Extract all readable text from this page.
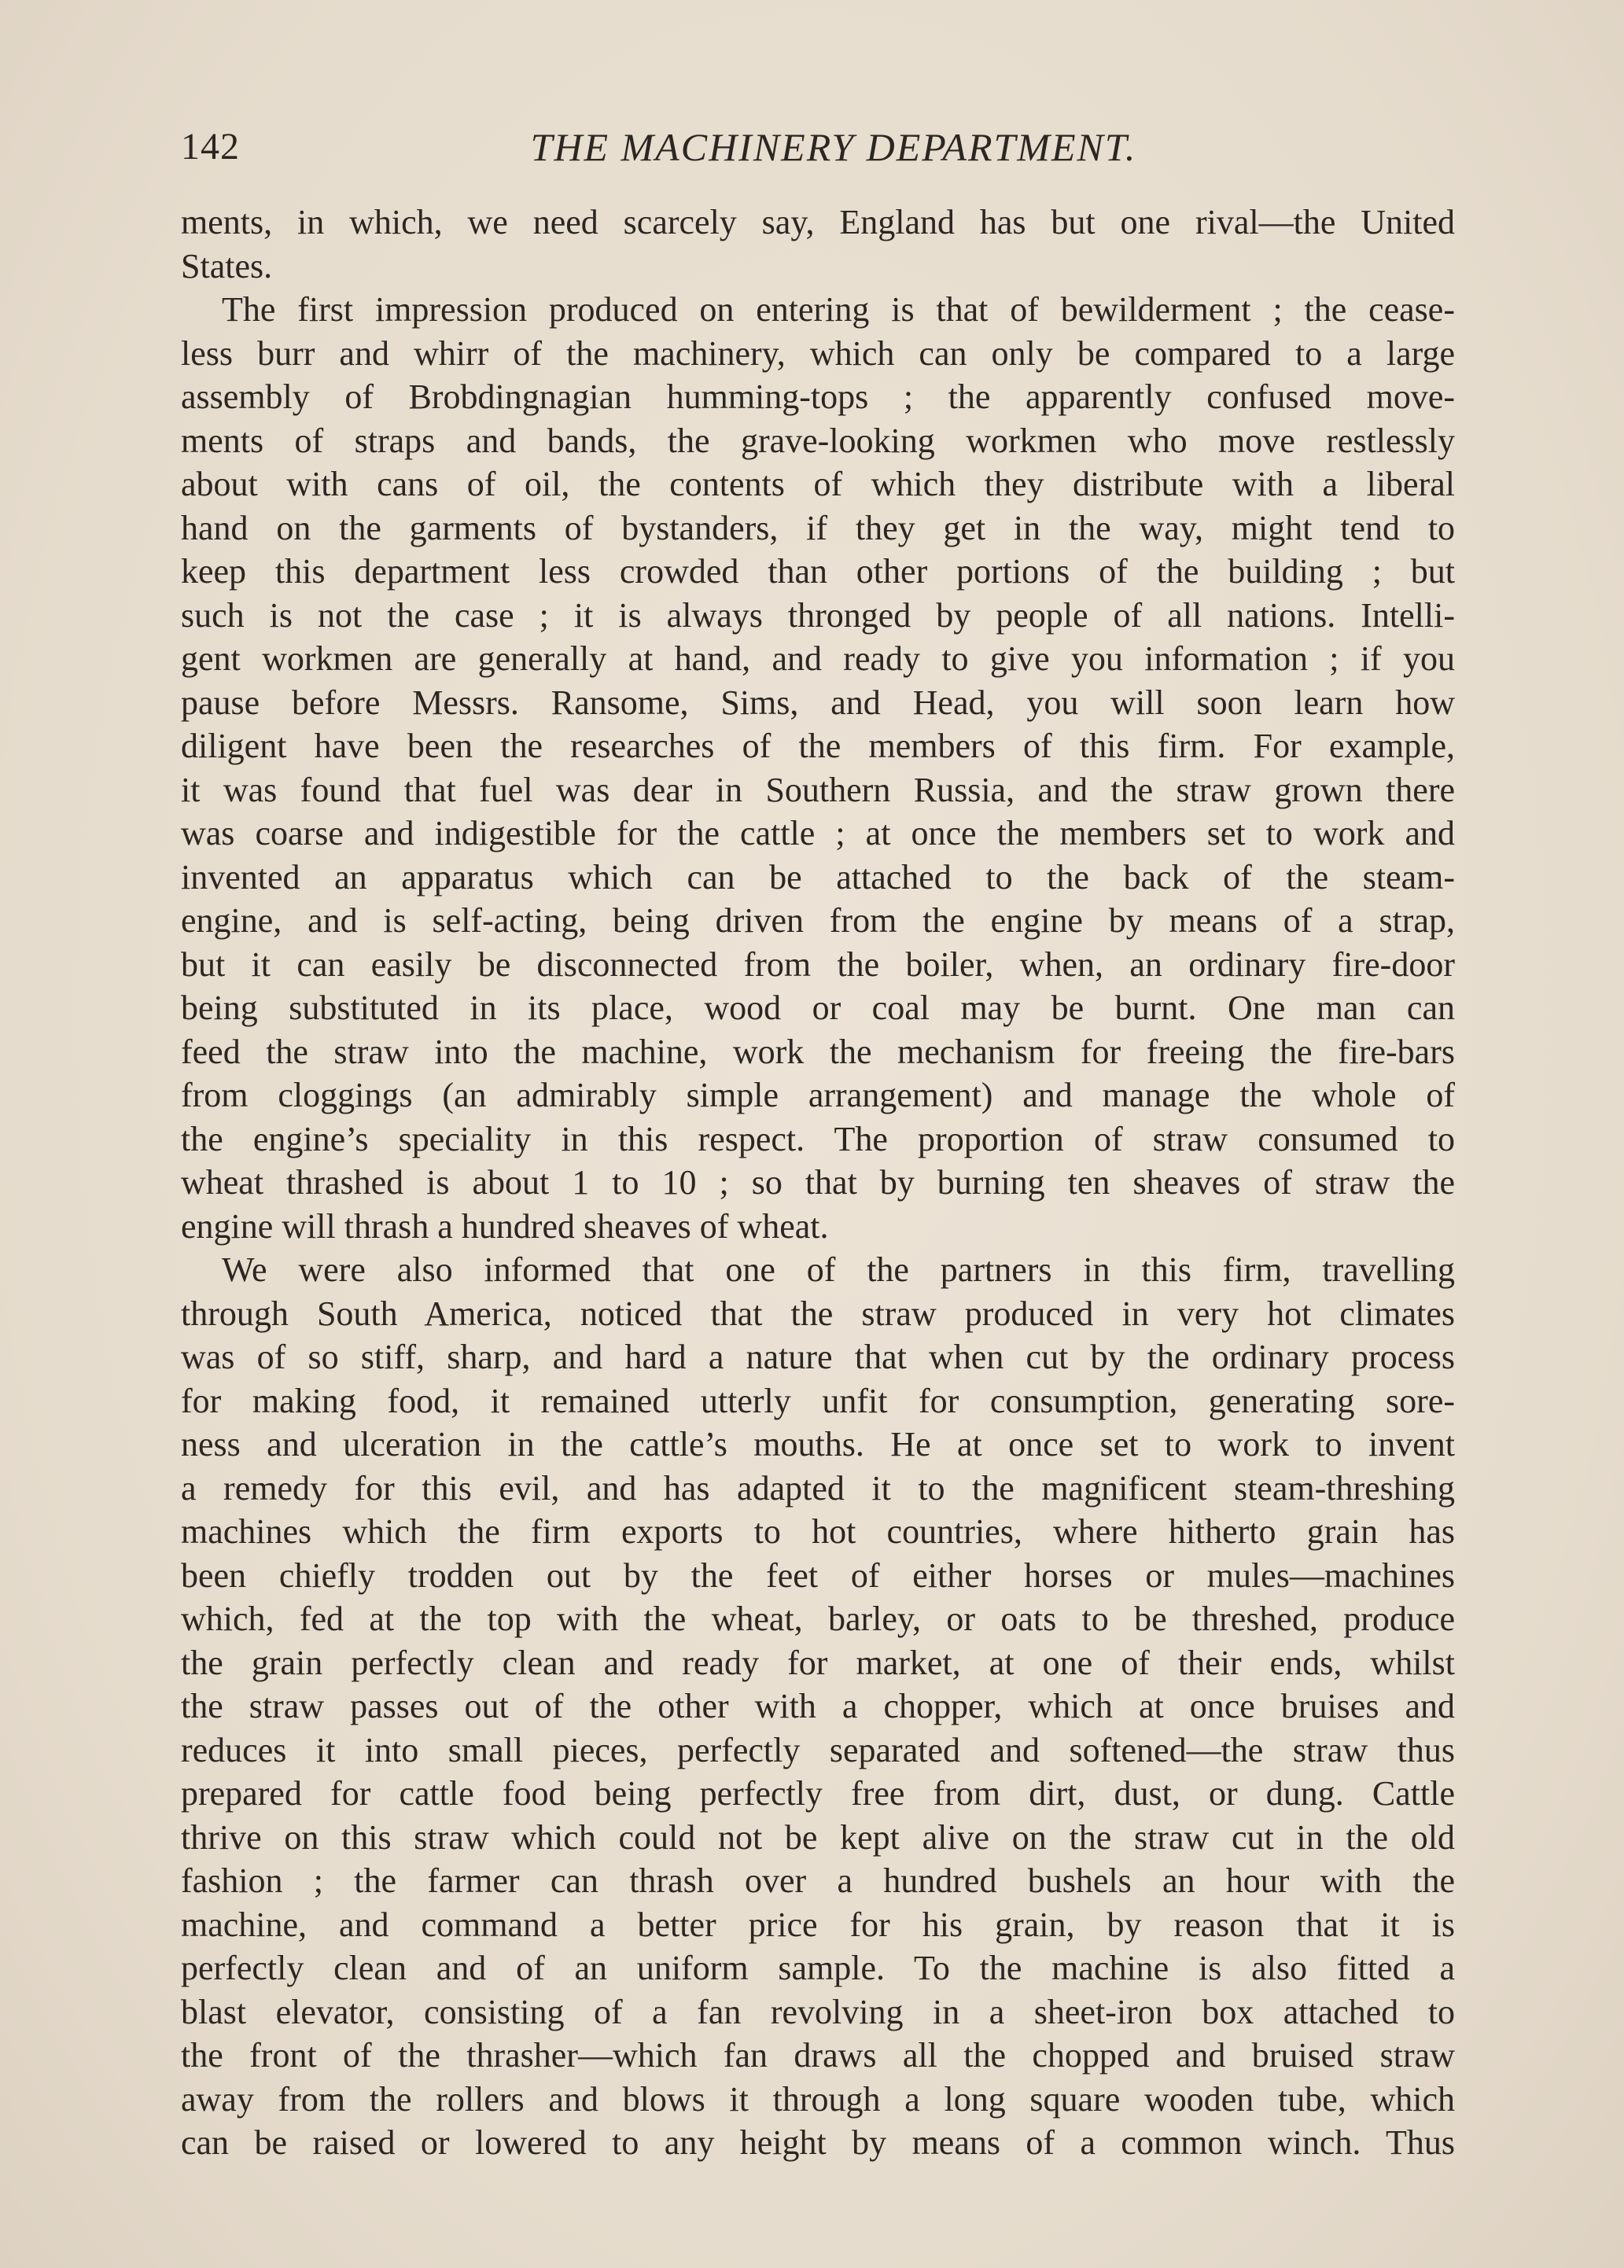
142	THE MACHINERY DEPARTMENT.
ments, in which, we need scarcely say, England has but one rival—the United
States.
The first impression produced on entering is that of bewilderment ; the cease-
less burr and whirr of the machinery, which can only be compared to a large
assembly of Brobdingnagian humming-tops ; the apparently confused move-
ments of straps and bands, the grave-looking workmen who move restlessly
about with cans of oil, the contents of which they distribute with a liberal
hand on the garments of bystanders, if they get in the way, might tend to
keep this department less crowded than other portions of the building ; but
such is not the case ; it is always thronged by people of all nations. Intelli-
gent workmen are generally at hand, and ready to give you information ; if you
pause before Messrs. Ransome, Sims, and Head, you will soon learn how
diligent have been the researches of the members of this firm. For example,
it was found that fuel was dear in Southern Russia, and the straw grown there
was coarse and indigestible for the cattle ; at once the members set to work and
invented an apparatus which can be attached to the back of the steam-
engine, and is self-acting, being driven from the engine by means of a strap,
but it can easily be disconnected from the boiler, when, an ordinary fire-door
being substituted in its place, wood or coal may be burnt. One man can
feed the straw into the machine, work the mechanism for freeing the fire-bars
from cloggings (an admirably simple arrangement) and manage the whole of
the engine’s speciality in this respect. The proportion of straw consumed to
wheat thrashed is about 1 to 10 ; so that by burning ten sheaves of straw the
engine will thrash a hundred sheaves of wheat.
We were also informed that one of the partners in this firm, travelling
through South America, noticed that the straw produced in very hot climates
was of so stiff, sharp, and hard a nature that when cut by the ordinary process
for making food, it remained utterly unfit for consumption, generating sore-
ness and ulceration in the cattle’s mouths. He at once set to work to invent
a remedy for this evil, and has adapted it to the magnificent steam-threshing
machines which the firm exports to hot countries, where hitherto grain has
been chiefly trodden out by the feet of either horses or mules—machines
which, fed at the top with the wheat, barley, or oats to be threshed, produce
the grain perfectly clean and ready for market, at one of their ends, whilst
the straw passes out of the other with a chopper, which at once bruises and
reduces it into small pieces, perfectly separated and softened—the straw thus
prepared for cattle food being perfectly free from dirt, dust, or dung. Cattle
thrive on this straw which could not be kept alive on the straw cut in the old
fashion ; the farmer can thrash over a hundred bushels an hour with the
machine, and command a better price for his grain, by reason that it is
perfectly clean and of an uniform sample. To the machine is also fitted a
blast elevator, consisting of a fan revolving in a sheet-iron box attached to
the front of the thrasher—which fan draws all the chopped and bruised straw
away from the rollers and blows it through a long square wooden tube, which
can be raised or lowered to any height by means of a common winch. Thus
